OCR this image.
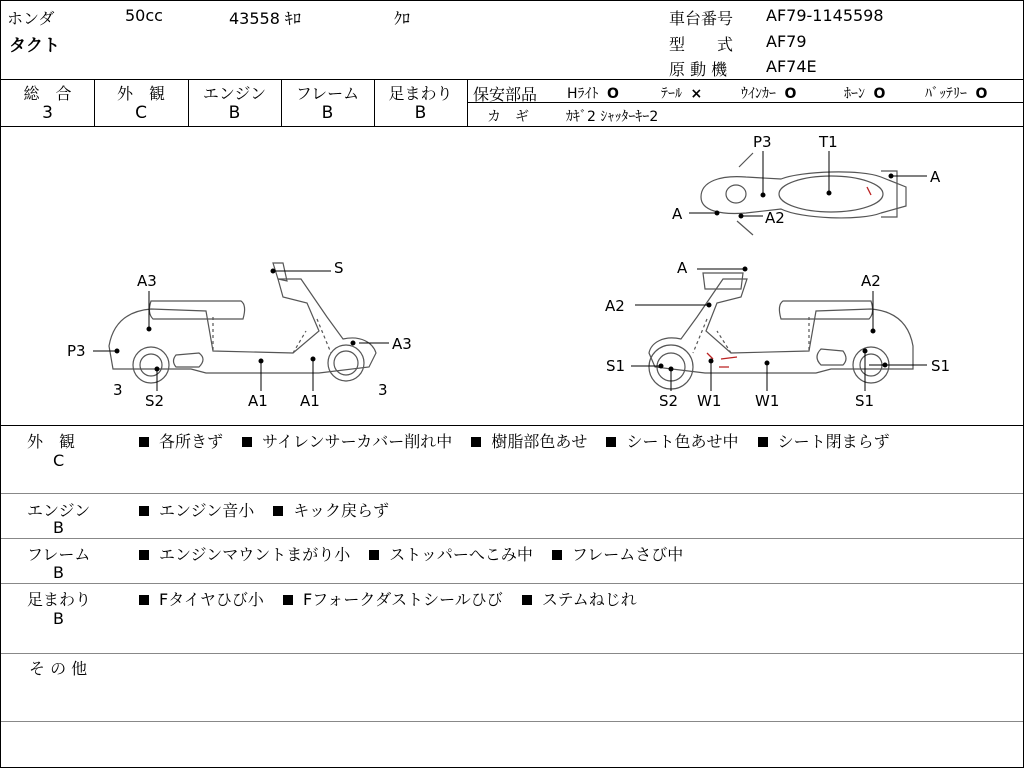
ホンダ	50cc	43558 ｷﾛ	ｸﾛ
タクト
車台番号 AF79-1145598
型　　式 AF79
原 動 機 AF74E
総　合
3
外　観
C
エンジン
B
フレーム
B
足まわり
B
保安部品 Hﾗｲﾄ O	ﾃｰﾙ ×	ｳｲﾝｶｰ O	ﾎｰﾝ O	ﾊﾞｯﾃﾘｰ O
カ　ギ	ｶｷﾞ2 ｼｬｯﾀｰｷｰ2
S
A3
P3	A3
3	3
S2	A1 A1
A
A2
A2
S1	S1
S2 W1 W1	S1
P3	T1
A
A	A2
外　観
C
各所きず サイレンサーカバー削れ中 樹脂部色あせ シート色あせ中 シート閉まらず
エンジン
B
エンジン音小 キック戻らず
フレーム
B
エンジンマウントまがり小 ストッパーへこみ中 フレームさび中
足まわり
B
Fタイヤひび小 Fフォークダストシールひび ステムねじれ
そ の 他
